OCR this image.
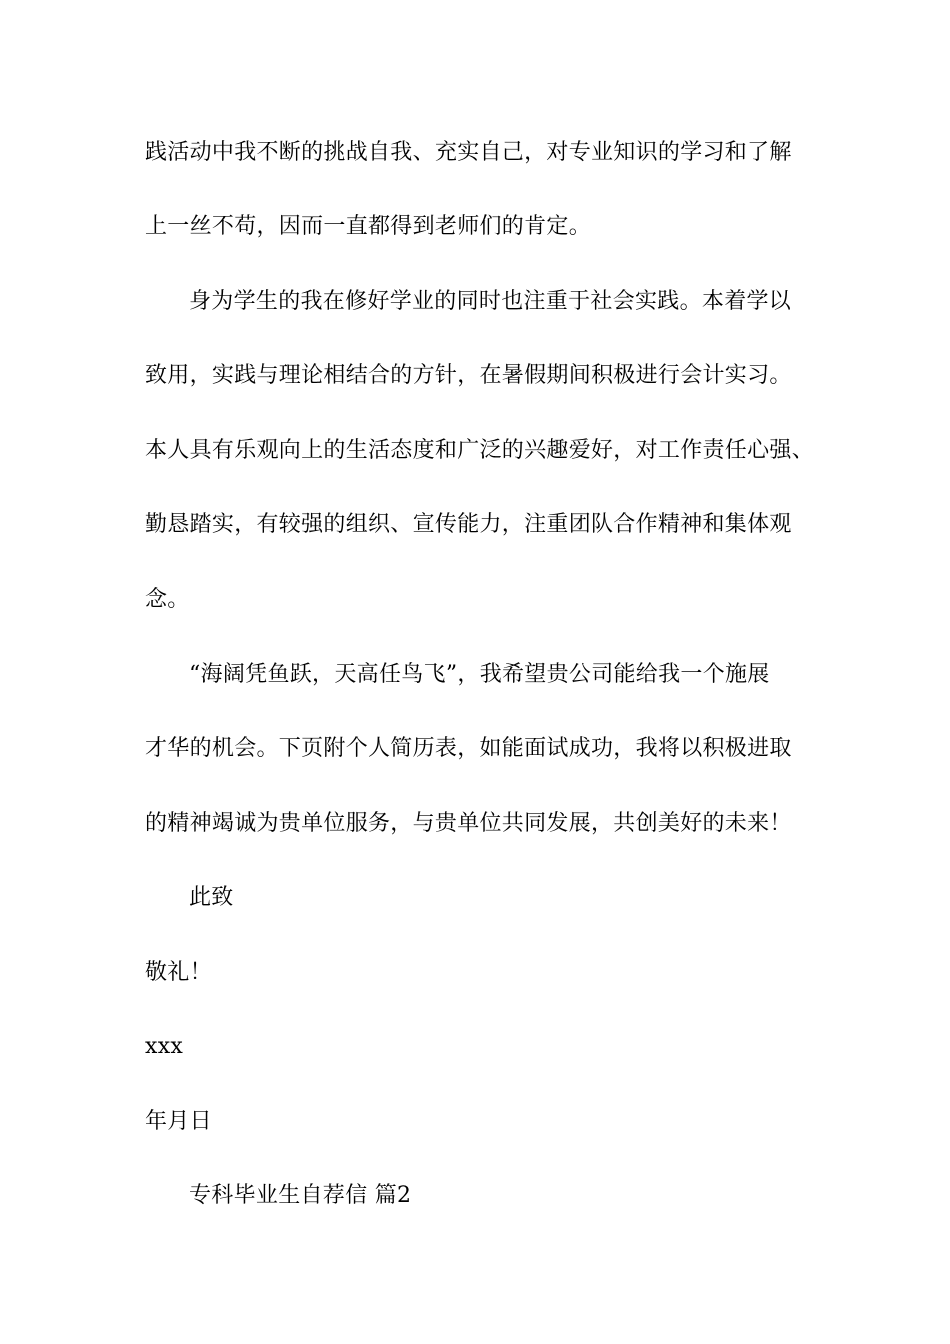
践活动中我不断的挑战自我、充实自己，对专业知识的学习和了解
上一丝不苟，因而一直都得到老师们的肯定。
身为学生的我在修好学业的同时也注重于社会实践。本着学以
致用，实践与理论相结合的方针，在暑假期间积极进行会计实习。
本人具有乐观向上的生活态度和广泛的兴趣爱好，对工作责任心强、
勤恳踏实，有较强的组织、宣传能力，注重团队合作精神和集体观
念。
“海阔凭鱼跃，天高任鸟飞”，我希望贵公司能给我一个施展
才华的机会。下页附个人简历表，如能面试成功，我将以积极进取
的精神竭诚为贵单位服务，与贵单位共同发展，共创美好的未来！
此致
敬礼！
xxx
年月日
专科毕业生自荐信 篇2
